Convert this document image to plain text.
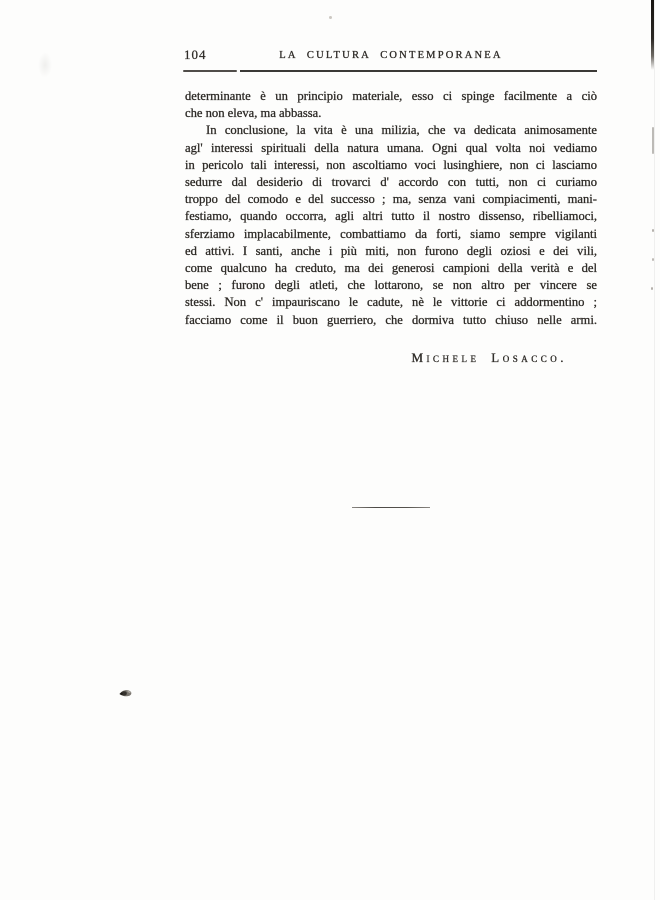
104	LA CULTURA CONTEMPORANEA
determinante è un principio materiale, esso ci spinge facilmente a ciò
che non eleva, ma abbassa.
In conclusione, la vita è una milizia, che va dedicata animosamente
agl' interessi spirituali della natura umana. Ogni qual volta noi vediamo
in pericolo tali interessi, non ascoltiamo voci lusinghiere, non ci lasciamo
sedurre dal desiderio di trovarci d' accordo con tutti, non ci curiamo
troppo del comodo e del successo ; ma, senza vani compiacimenti, mani-
festiamo, quando occorra, agli altri tutto il nostro dissenso, ribelliamoci,
sferziamo implacabilmente, combattiamo da forti, siamo sempre vigilanti
ed attivi. I santi, anche i più miti, non furono degli oziosi e dei vili,
come qualcuno ha creduto, ma dei generosi campioni della verità e del
bene ; furono degli atleti, che lottarono, se non altro per vincere se
stessi. Non c' impauriscano le cadute, nè le vittorie ci addormentino ;
facciamo come il buon guerriero, che dormiva tutto chiuso nelle armi.
Michele Losacco.
